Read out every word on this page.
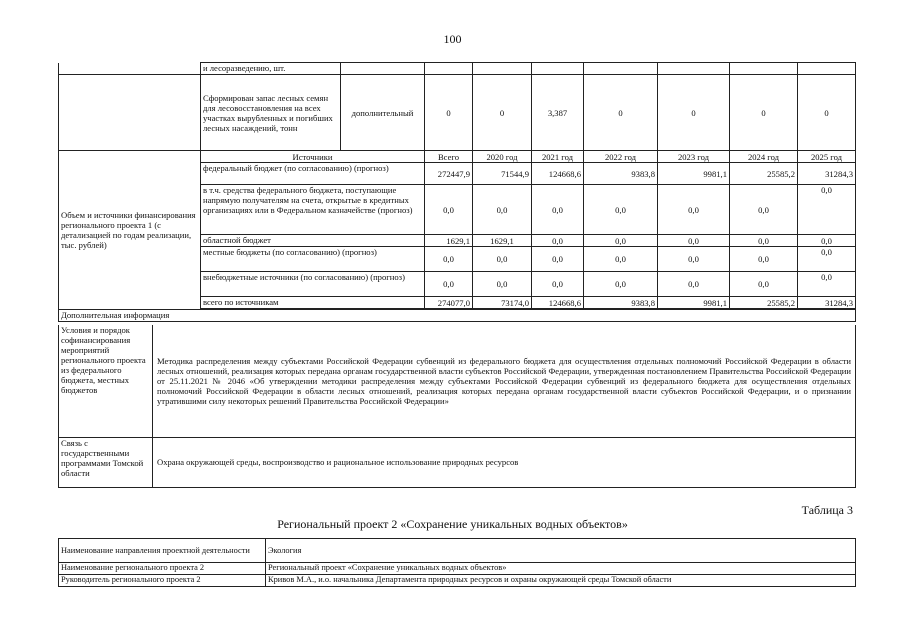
100
	и лесоразведению, шт.								
	Сформирован запас лесных семян для лесовосстановления на всех участках вырубленных и погибших лесных насаждений, тонн	дополнительный	0	0	3,387	0	0	0	0
Объем и источники финансирования регионального проекта 1 (с детализацией по годам реализации, тыс. рублей)	Источники		Всего	2020 год	2021 год	2022 год	2023 год	2024 год	2025 год
	федеральный бюджет (по согласованию) (прогноз)		272447,9	71544,9	124668,6	9383,8	9981,1	25585,2	31284,3
	в т.ч. средства федерального бюджета, поступающие напрямую получателям на счета, открытые в кредитных организациях или в Федеральном казначействе (прогноз)		0,0	0,0	0,0	0,0	0,0	0,0	0,0
	областной бюджет		1629,1	1629,1	0,0	0,0	0,0	0,0	0,0
	местные бюджеты (по согласованию) (прогноз)		0,0	0,0	0,0	0,0	0,0	0,0	0,0
	внебюджетные источники (по согласованию) (прогноз)		0,0	0,0	0,0	0,0	0,0	0,0	0,0
	всего по источникам		274077,0	73174,0	124668,6	9383,8	9981,1	25585,2	31284,3

Дополнительная информация									
Условия и порядок софинансирования мероприятий регионального проекта из федерального бюджета, местных бюджетов	Методика распределения между субъектами Российской Федерации субвенций из федерального бюджета для осуществления отдельных полномочий Российской Федерации в области лесных отношений, реализация которых передана органам государственной власти субъектов Российской Федерации, утвержденная постановлением Правительства Российской Федерации от 25.11.2021 № 2046 «Об утверждении методики распределения между субъектами Российской Федерации субвенций из федерального бюджета для осуществления отдельных полномочий Российской Федерации в области лесных отношений, реализация которых передана органам государственной власти субъектов Российской Федерации, и о признании утратившими силу некоторых решений Правительства Российской Федерации»
Связь с государственными программами Томской области	Охрана окружающей среды, воспроизводство и рациональное использование природных ресурсов
Таблица 3
Региональный проект 2 «Сохранение уникальных водных объектов»
Наименование направления проектной деятельности	Экология
Наименование регионального проекта 2	Региональный проект «Сохранение уникальных водных объектов»
Руководитель регионального проекта 2	Кривов М.А., и.о. начальника Департамента природных ресурсов и охраны окружающей среды Томской области
